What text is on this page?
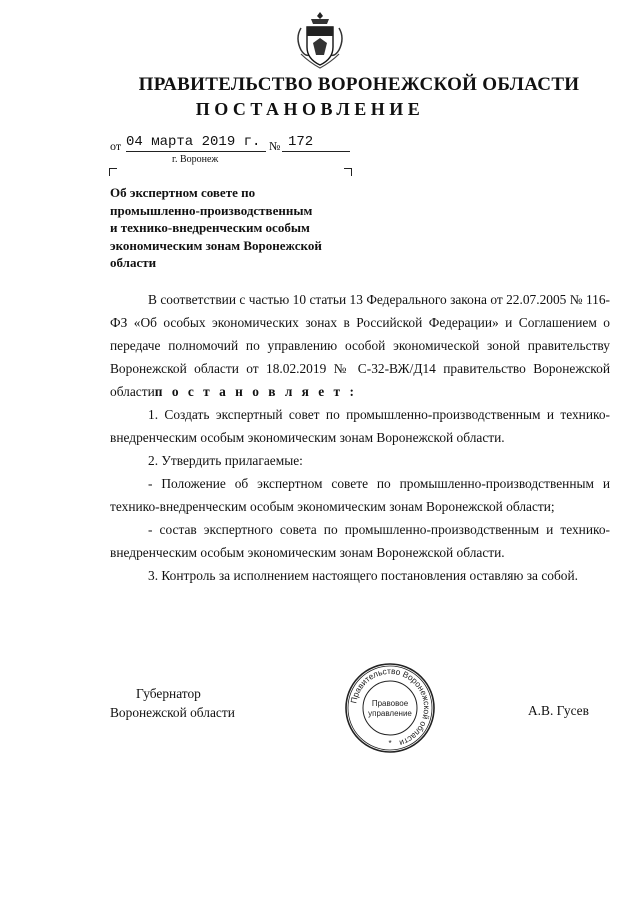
ПРАВИТЕЛЬСТВО ВОРОНЕЖСКОЙ ОБЛАСТИ
ПОСТАНОВЛЕНИЕ
от 04 марта 2019 г. № 172
г. Воронеж
Об экспертном совете по
промышленно-производственным
и технико-внедренческим особым
экономическим зонам Воронежской
области

В соответствии с частью 10 статьи 13 Федерального закона от 22.07.2005 № 116-ФЗ «Об особых экономических зонах в Российской Федерации» и Соглашением о передаче полномочий по управлению особой экономической зоной правительству Воронежской области от 18.02.2019 № С-32-ВЖ/Д14 правительство Воронежской областип о с т а н о в л я е т :

1. Создать экспертный совет по промышленно-производственным и технико-внедренческим особым экономическим зонам Воронежской области.

2. Утвердить прилагаемые:

- Положение об экспертном совете по промышленно-производственным и технико-внедренческим особым экономическим зонам Воронежской области;

- состав экспертного совета по промышленно-производственным и технико-внедренческим особым экономическим зонам Воронежской области.

3. Контроль за исполнением настоящего постановления оставляю за собой.

Губернатор
Воронежской области
Правительство Воронежской области
Правовое
управление
*
А.В. Гусев
